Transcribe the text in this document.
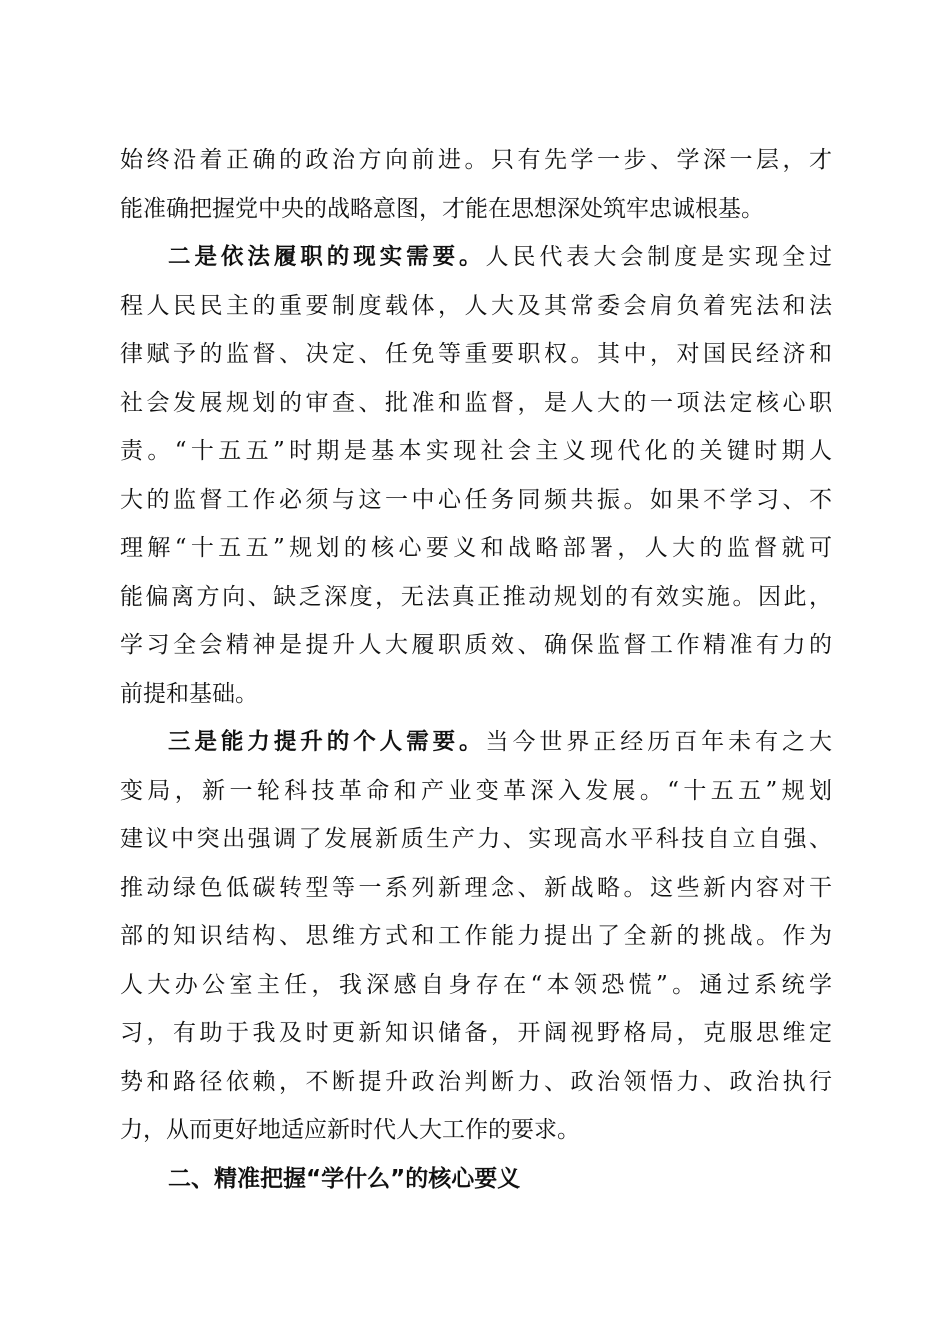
始终沿着正确的政治方向前进。只有先学一步、学深一层，才
能准确把握党中央的战略意图，才能在思想深处筑牢忠诚根基。
二是依法履职的现实需要。人民代表大会制度是实现全过
程人民民主的重要制度载体，人大及其常委会肩负着宪法和法
律赋予的监督、决定、任免等重要职权。其中，对国民经济和
社会发展规划的审查、批准和监督，是人大的一项法定核心职
责。“十五五”时期是基本实现社会主义现代化的关键时期人
大的监督工作必须与这一中心任务同频共振。如果不学习、不
理解“十五五”规划的核心要义和战略部署，人大的监督就可
能偏离方向、缺乏深度，无法真正推动规划的有效实施。因此，
学习全会精神是提升人大履职质效、确保监督工作精准有力的
前提和基础。
三是能力提升的个人需要。当今世界正经历百年未有之大
变局，新一轮科技革命和产业变革深入发展。“十五五”规划
建议中突出强调了发展新质生产力、实现高水平科技自立自强、
推动绿色低碳转型等一系列新理念、新战略。这些新内容对干
部的知识结构、思维方式和工作能力提出了全新的挑战。作为
人大办公室主任，我深感自身存在“本领恐慌”。通过系统学
习，有助于我及时更新知识储备，开阔视野格局，克服思维定
势和路径依赖，不断提升政治判断力、政治领悟力、政治执行
力，从而更好地适应新时代人大工作的要求。
二、精准把握“学什么”的核心要义
